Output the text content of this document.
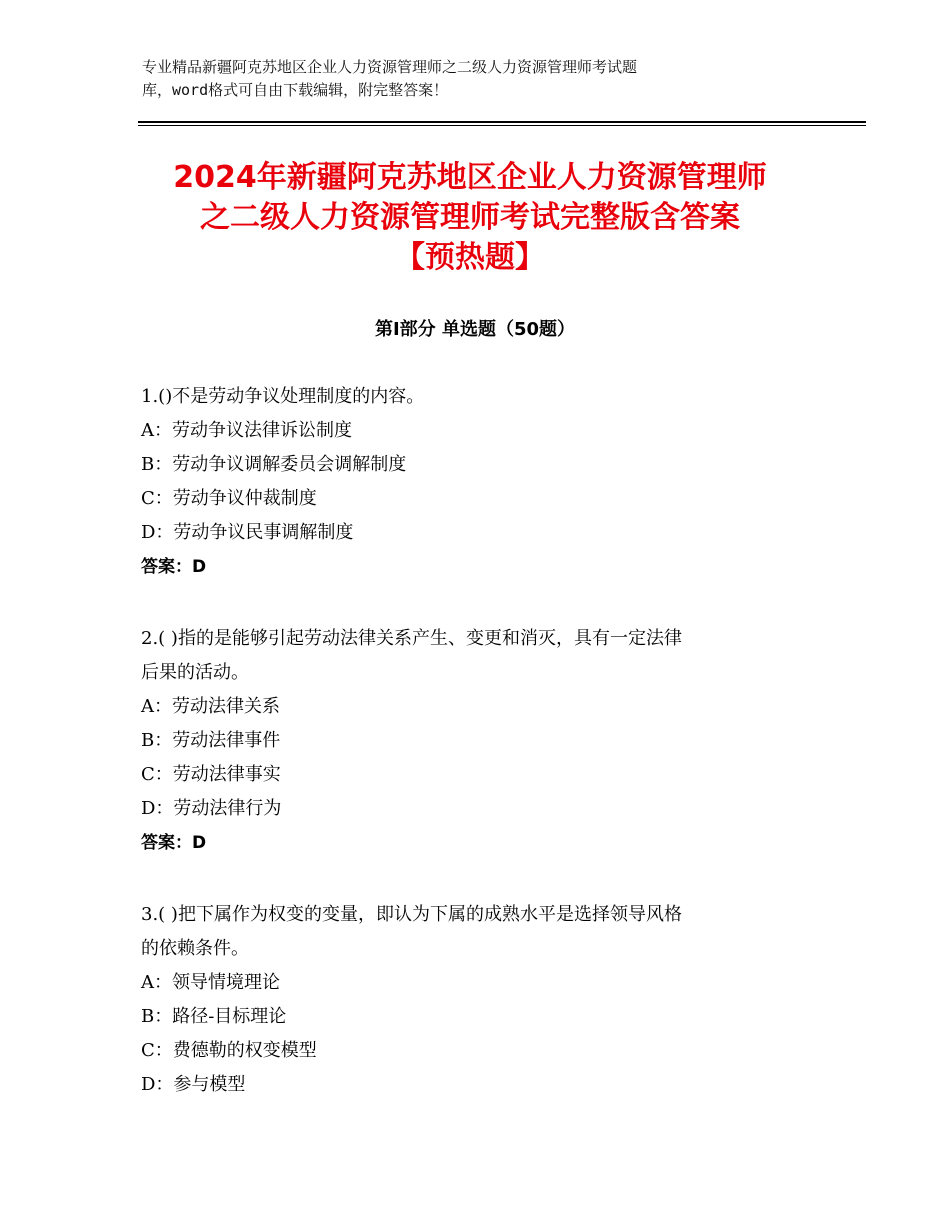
专业精品新疆阿克苏地区企业人力资源管理师之二级人力资源管理师考试题
库，word格式可自由下载编辑，附完整答案！
2024年新疆阿克苏地区企业人力资源管理师
之二级人力资源管理师考试完整版含答案
【预热题】
第Ⅰ部分 单选题（50题）

1.()不是劳动争议处理制度的内容。

A：劳动争议法律诉讼制度

B：劳动争议调解委员会调解制度

C：劳动争议仲裁制度

D：劳动争议民事调解制度

答案：D

2.( )指的是能够引起劳动法律关系产生、变更和消灭，具有一定法律

后果的活动。

A：劳动法律关系

B：劳动法律事件

C：劳动法律事实

D：劳动法律行为

答案：D

3.( )把下属作为权变的变量，即认为下属的成熟水平是选择领导风格

的依赖条件。

A：领导情境理论

B：路径-目标理论

C：费德勒的权变模型

D：参与模型
